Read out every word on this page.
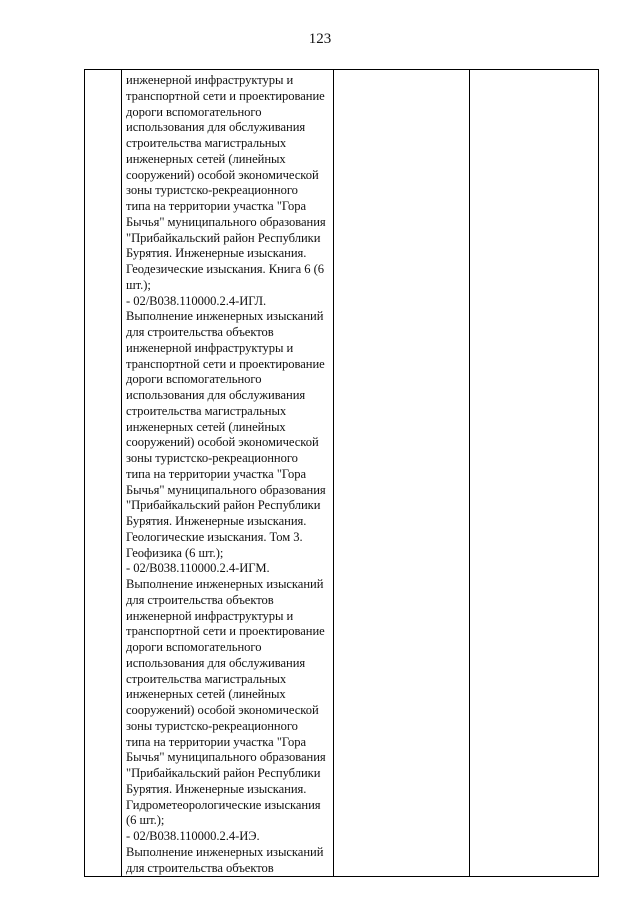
123

инженерной инфраструктуры и
транспортной сети и проектирование
дороги вспомогательного
использования для обслуживания
строительства магистральных
инженерных сетей (линейных
сооружений) особой экономической
зоны туристско-рекреационного
типа на территории участка "Гора
Бычья" муниципального образования
"Прибайкальский район Республики
Бурятия. Инженерные изыскания.
Геодезические изыскания. Книга 6 (6
шт.);
- 02/В038.110000.2.4-ИГЛ.
Выполнение инженерных изысканий
для строительства объектов
инженерной инфраструктуры и
транспортной сети и проектирование
дороги вспомогательного
использования для обслуживания
строительства магистральных
инженерных сетей (линейных
сооружений) особой экономической
зоны туристско-рекреационного
типа на территории участка "Гора
Бычья" муниципального образования
"Прибайкальский район Республики
Бурятия. Инженерные изыскания.
Геологические изыскания. Том 3.
Геофизика (6 шт.);
- 02/В038.110000.2.4-ИГМ.
Выполнение инженерных изысканий
для строительства объектов
инженерной инфраструктуры и
транспортной сети и проектирование
дороги вспомогательного
использования для обслуживания
строительства магистральных
инженерных сетей (линейных
сооружений) особой экономической
зоны туристско-рекреационного
типа на территории участка "Гора
Бычья" муниципального образования
"Прибайкальский район Республики
Бурятия. Инженерные изыскания.
Гидрометеорологические изыскания
(6 шт.);
- 02/В038.110000.2.4-ИЭ.
Выполнение инженерных изысканий
для строительства объектов
